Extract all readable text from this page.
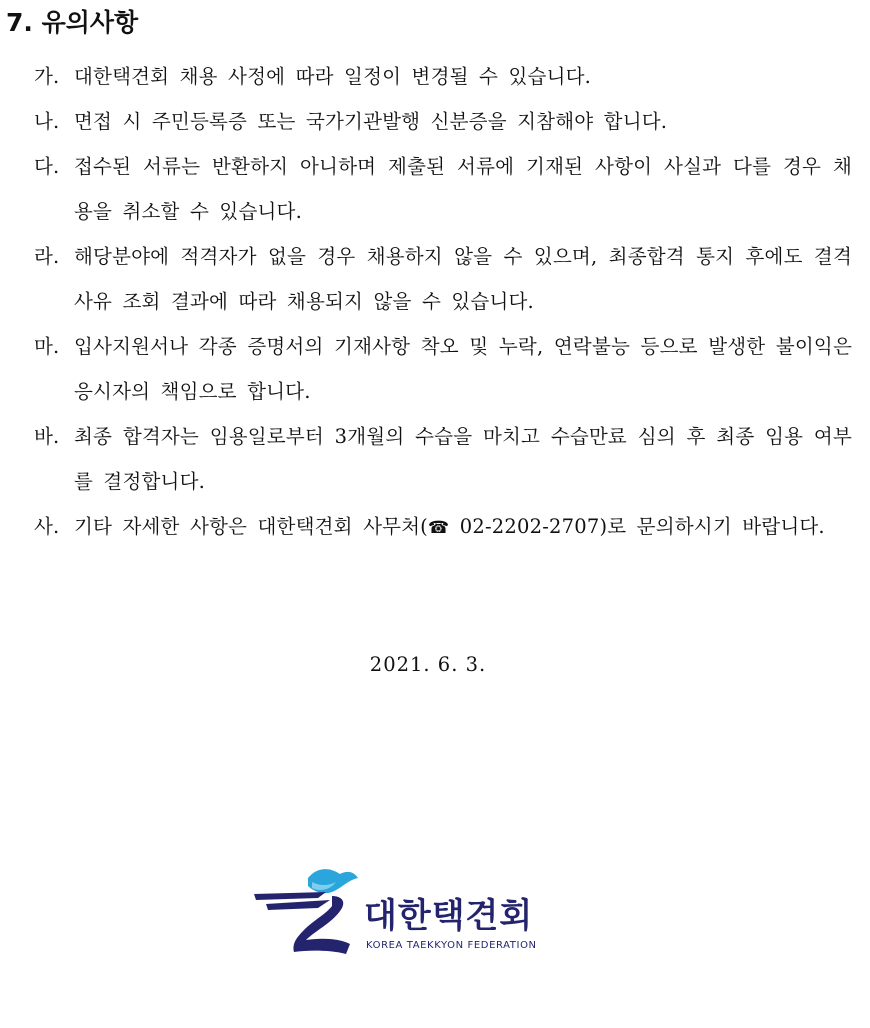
7. 유의사항
가. 대한택견회 채용 사정에 따라 일정이 변경될 수 있습니다.
나. 면접 시 주민등록증 또는 국가기관발행 신분증을 지참해야 합니다.
다. 접수된 서류는 반환하지 아니하며 제출된 서류에 기재된 사항이 사실과 다를 경우 채용을 취소할 수 있습니다.
라. 해당분야에 적격자가 없을 경우 채용하지 않을 수 있으며, 최종합격 통지 후에도 결격사유 조회 결과에 따라 채용되지 않을 수 있습니다.
마. 입사지원서나 각종 증명서의 기재사항 착오 및 누락, 연락불능 등으로 발생한 불이익은 응시자의 책임으로 합니다.
바. 최종 합격자는 임용일로부터 3개월의 수습을 마치고 수습만료 심의 후 최종 임용 여부를 결정합니다.
사. 기타 자세한 사항은 대한택견회 사무처(☎ 02-2202-2707)로 문의하시기 바랍니다.
2021. 6. 3.
대한택견회
KOREA TAEKKYON FEDERATION
